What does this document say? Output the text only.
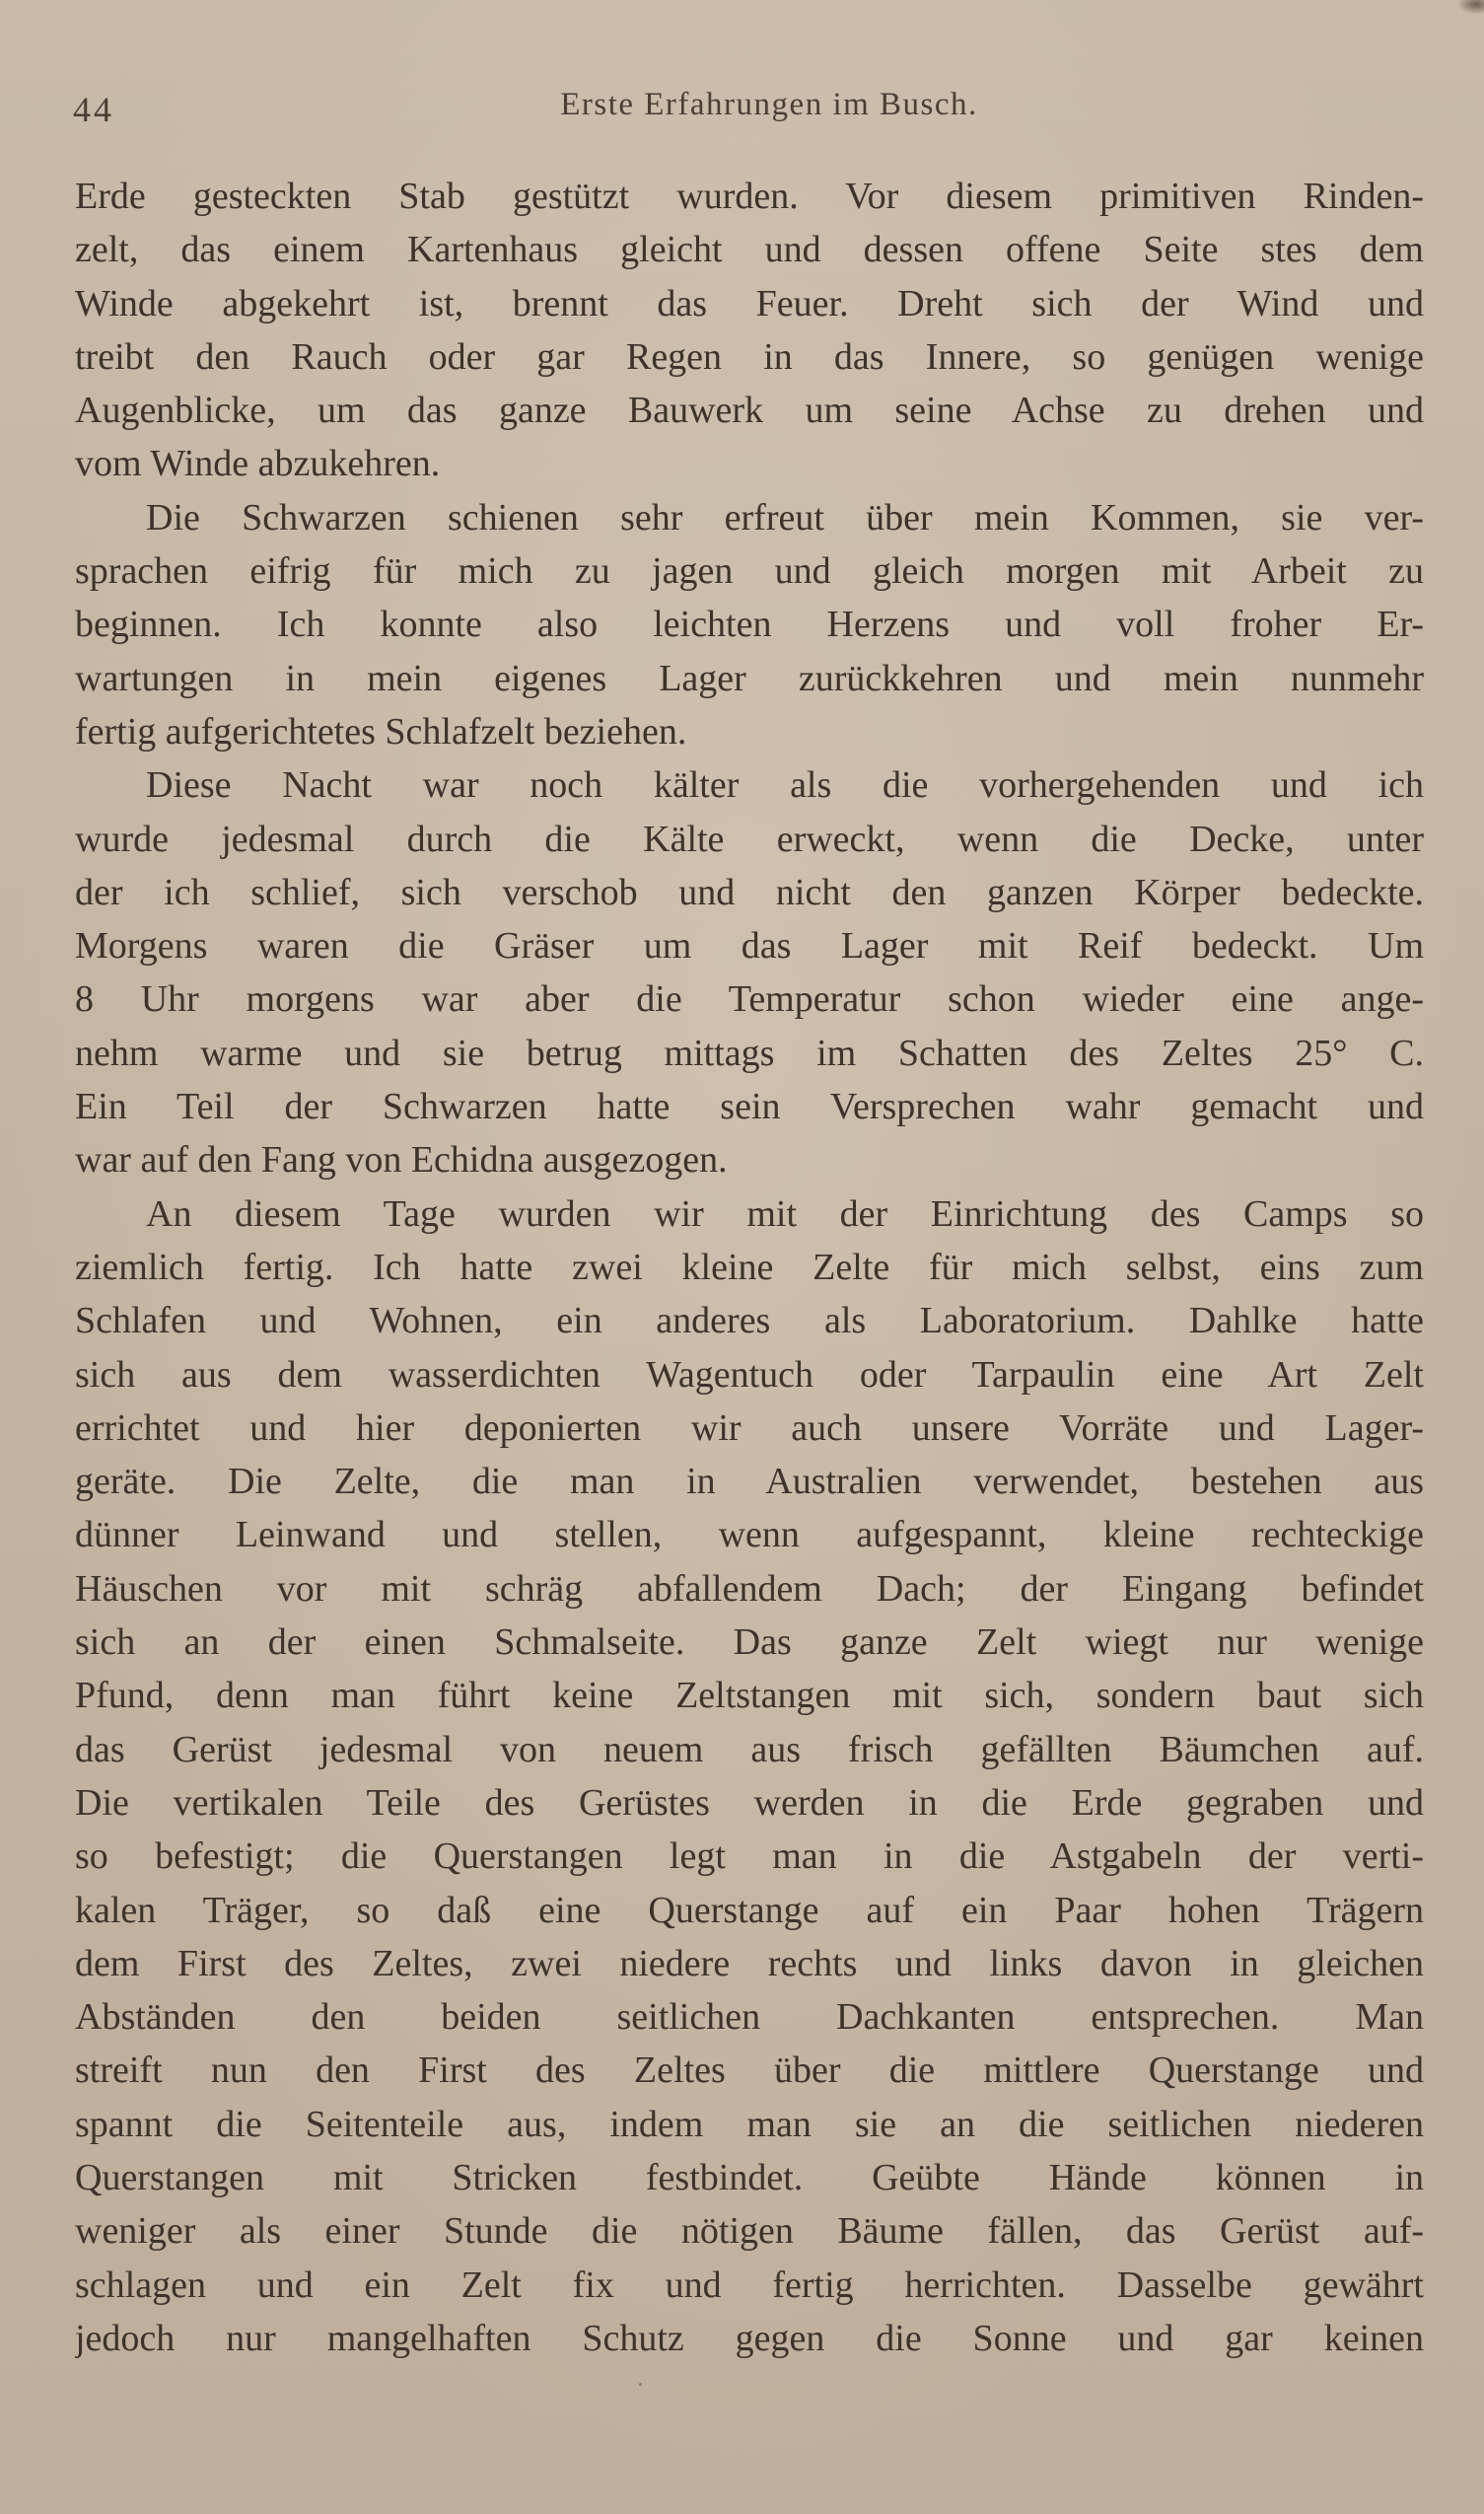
44	Erste Erfahrungen im Busch.
Erde gesteckten Stab gestützt wurden. Vor diesem primitiven Rinden-
zelt, das einem Kartenhaus gleicht und dessen offene Seite stes dem
Winde abgekehrt ist, brennt das Feuer. Dreht sich der Wind und
treibt den Rauch oder gar Regen in das Innere, so genügen wenige
Augenblicke, um das ganze Bauwerk um seine Achse zu drehen und
vom Winde abzukehren.
Die Schwarzen schienen sehr erfreut über mein Kommen, sie ver-
sprachen eifrig für mich zu jagen und gleich morgen mit Arbeit zu
beginnen. Ich konnte also leichten Herzens und voll froher Er-
wartungen in mein eigenes Lager zurückkehren und mein nunmehr
fertig aufgerichtetes Schlafzelt beziehen.
Diese Nacht war noch kälter als die vorhergehenden und ich
wurde jedesmal durch die Kälte erweckt, wenn die Decke, unter
der ich schlief, sich verschob und nicht den ganzen Körper bedeckte.
Morgens waren die Gräser um das Lager mit Reif bedeckt. Um
8 Uhr morgens war aber die Temperatur schon wieder eine ange-
nehm warme und sie betrug mittags im Schatten des Zeltes 25° C.
Ein Teil der Schwarzen hatte sein Versprechen wahr gemacht und
war auf den Fang von Echidna ausgezogen.
An diesem Tage wurden wir mit der Einrichtung des Camps so
ziemlich fertig. Ich hatte zwei kleine Zelte für mich selbst, eins zum
Schlafen und Wohnen, ein anderes als Laboratorium. Dahlke hatte
sich aus dem wasserdichten Wagentuch oder Tarpaulin eine Art Zelt
errichtet und hier deponierten wir auch unsere Vorräte und Lager-
geräte. Die Zelte, die man in Australien verwendet, bestehen aus
dünner Leinwand und stellen, wenn aufgespannt, kleine rechteckige
Häuschen vor mit schräg abfallendem Dach; der Eingang befindet
sich an der einen Schmalseite. Das ganze Zelt wiegt nur wenige
Pfund, denn man führt keine Zeltstangen mit sich, sondern baut sich
das Gerüst jedesmal von neuem aus frisch gefällten Bäumchen auf.
Die vertikalen Teile des Gerüstes werden in die Erde gegraben und
so befestigt; die Querstangen legt man in die Astgabeln der verti-
kalen Träger, so daß eine Querstange auf ein Paar hohen Trägern
dem First des Zeltes, zwei niedere rechts und links davon in gleichen
Abständen den beiden seitlichen Dachkanten entsprechen. Man
streift nun den First des Zeltes über die mittlere Querstange und
spannt die Seitenteile aus, indem man sie an die seitlichen niederen
Querstangen mit Stricken festbindet. Geübte Hände können in
weniger als einer Stunde die nötigen Bäume fällen, das Gerüst auf-
schlagen und ein Zelt fix und fertig herrichten. Dasselbe gewährt
jedoch nur mangelhaften Schutz gegen die Sonne und gar keinen
